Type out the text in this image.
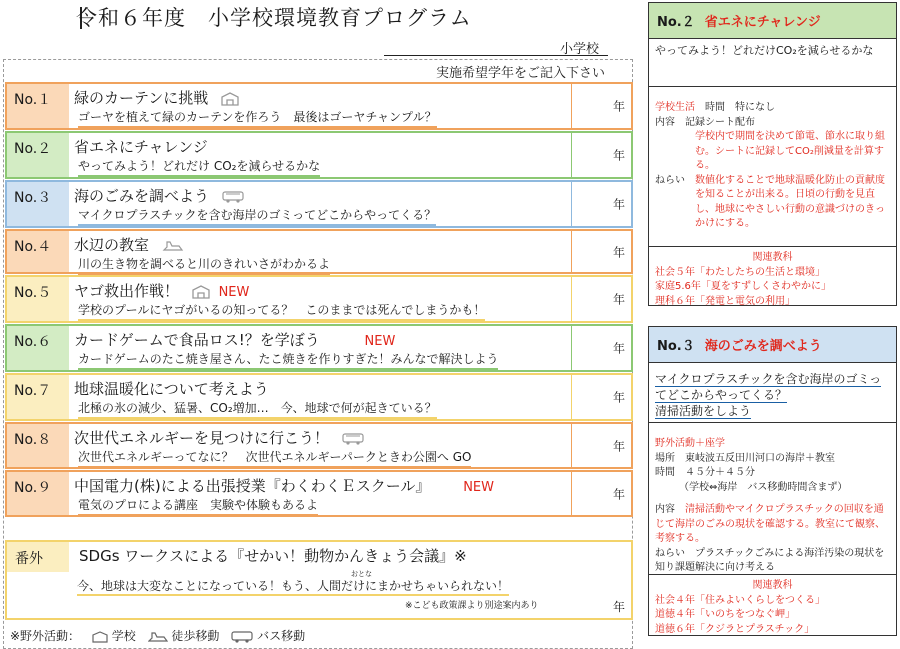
令和６年度　小学校環境教育プログラム
小学校
実施希望学年をご記入下さい
No.１ 緑のカーテンに挑戦
ゴーヤを植えて緑のカーテンを作ろう　最後はゴーヤチャンプル？
年
No.２ 省エネにチャレンジ
やってみよう！どれだけ CO₂を減らせるかな
年
No.３ 海のごみを調べよう
マイクロプラスチックを含む海岸のゴミってどこからやってくる？
年
No.４ 水辺の教室
川の生き物を調べると川のきれいさがわかるよ
年
No.５ ヤゴ救出作戦！	NEW
学校のプールにヤゴがいるの知ってる？　このままでは死んでしまうかも！
年
No.６ カードゲームで食品ロス!？を学ぼう	NEW
カードゲームのたこ焼き屋さん、たこ焼きを作りすぎた！みんなで解決しよう
年
No.７ 地球温暖化について考えよう
北極の氷の減少、猛暑、CO₂増加…　今、地球で何が起きている？
年
No.８ 次世代エネルギーを見つけに行こう！
次世代エネルギーってなに？　次世代エネルギーパークときわ公園へ GO
年
No.９ 中国電力(株)による出張授業『わくわくＥスクール』	NEW
電気のプロによる講座　実験や体験もあるよ
年
番外 SDGs ワークスによる『せかい！動物かんきょう会議』※
おとな
今、地球は大変なことになっている！もう、人間だけにまかせちゃいられない！
※こども政策課より別途案内あり	年
※野外活動：	学校	徒歩移動	バス移動
No.２ 省エネにチャレンジ
やってみよう！どれだけCO₂を減らせるかな
学校生活　 時間　 特になし
内容　 記録シート配布
学校内で期間を決めて節電、節水に取り組む。シートに記録してCO₂削減量を計算する。
ねらい	数値化することで地球温暖化防止の貢献度を知ることが出来る。日頃の行動を見直し、地球にやさしい行動の意識づけのきっかけにする。
関連教科
社会５年「わたしたちの生活と環境」
家庭5.6年「夏をすずしくさわやかに」
理科６年「発電と電気の利用」
No.３ 海のごみを調べよう
マイクロプラスチックを含む海岸のゴミってどこからやってくる？
清掃活動をしよう
野外活動＋座学
場所　 東岐波五反田川河口の海岸＋教室
時間　 ４５分＋４５分
（学校⇔海岸　バス移動時間含まず）
内容　 清掃活動やマイクロプラスチックの回収を通じて海岸のごみの現状を確認する。教室にて観察、考察する。
ねらい　 プラスチックごみによる海洋汚染の現状を知り課題解決に向け考える
関連教科
社会４年「住みよいくらしをつくる」
道徳４年「いのちをつなぐ岬」
道徳６年「クジラとプラスチック」
